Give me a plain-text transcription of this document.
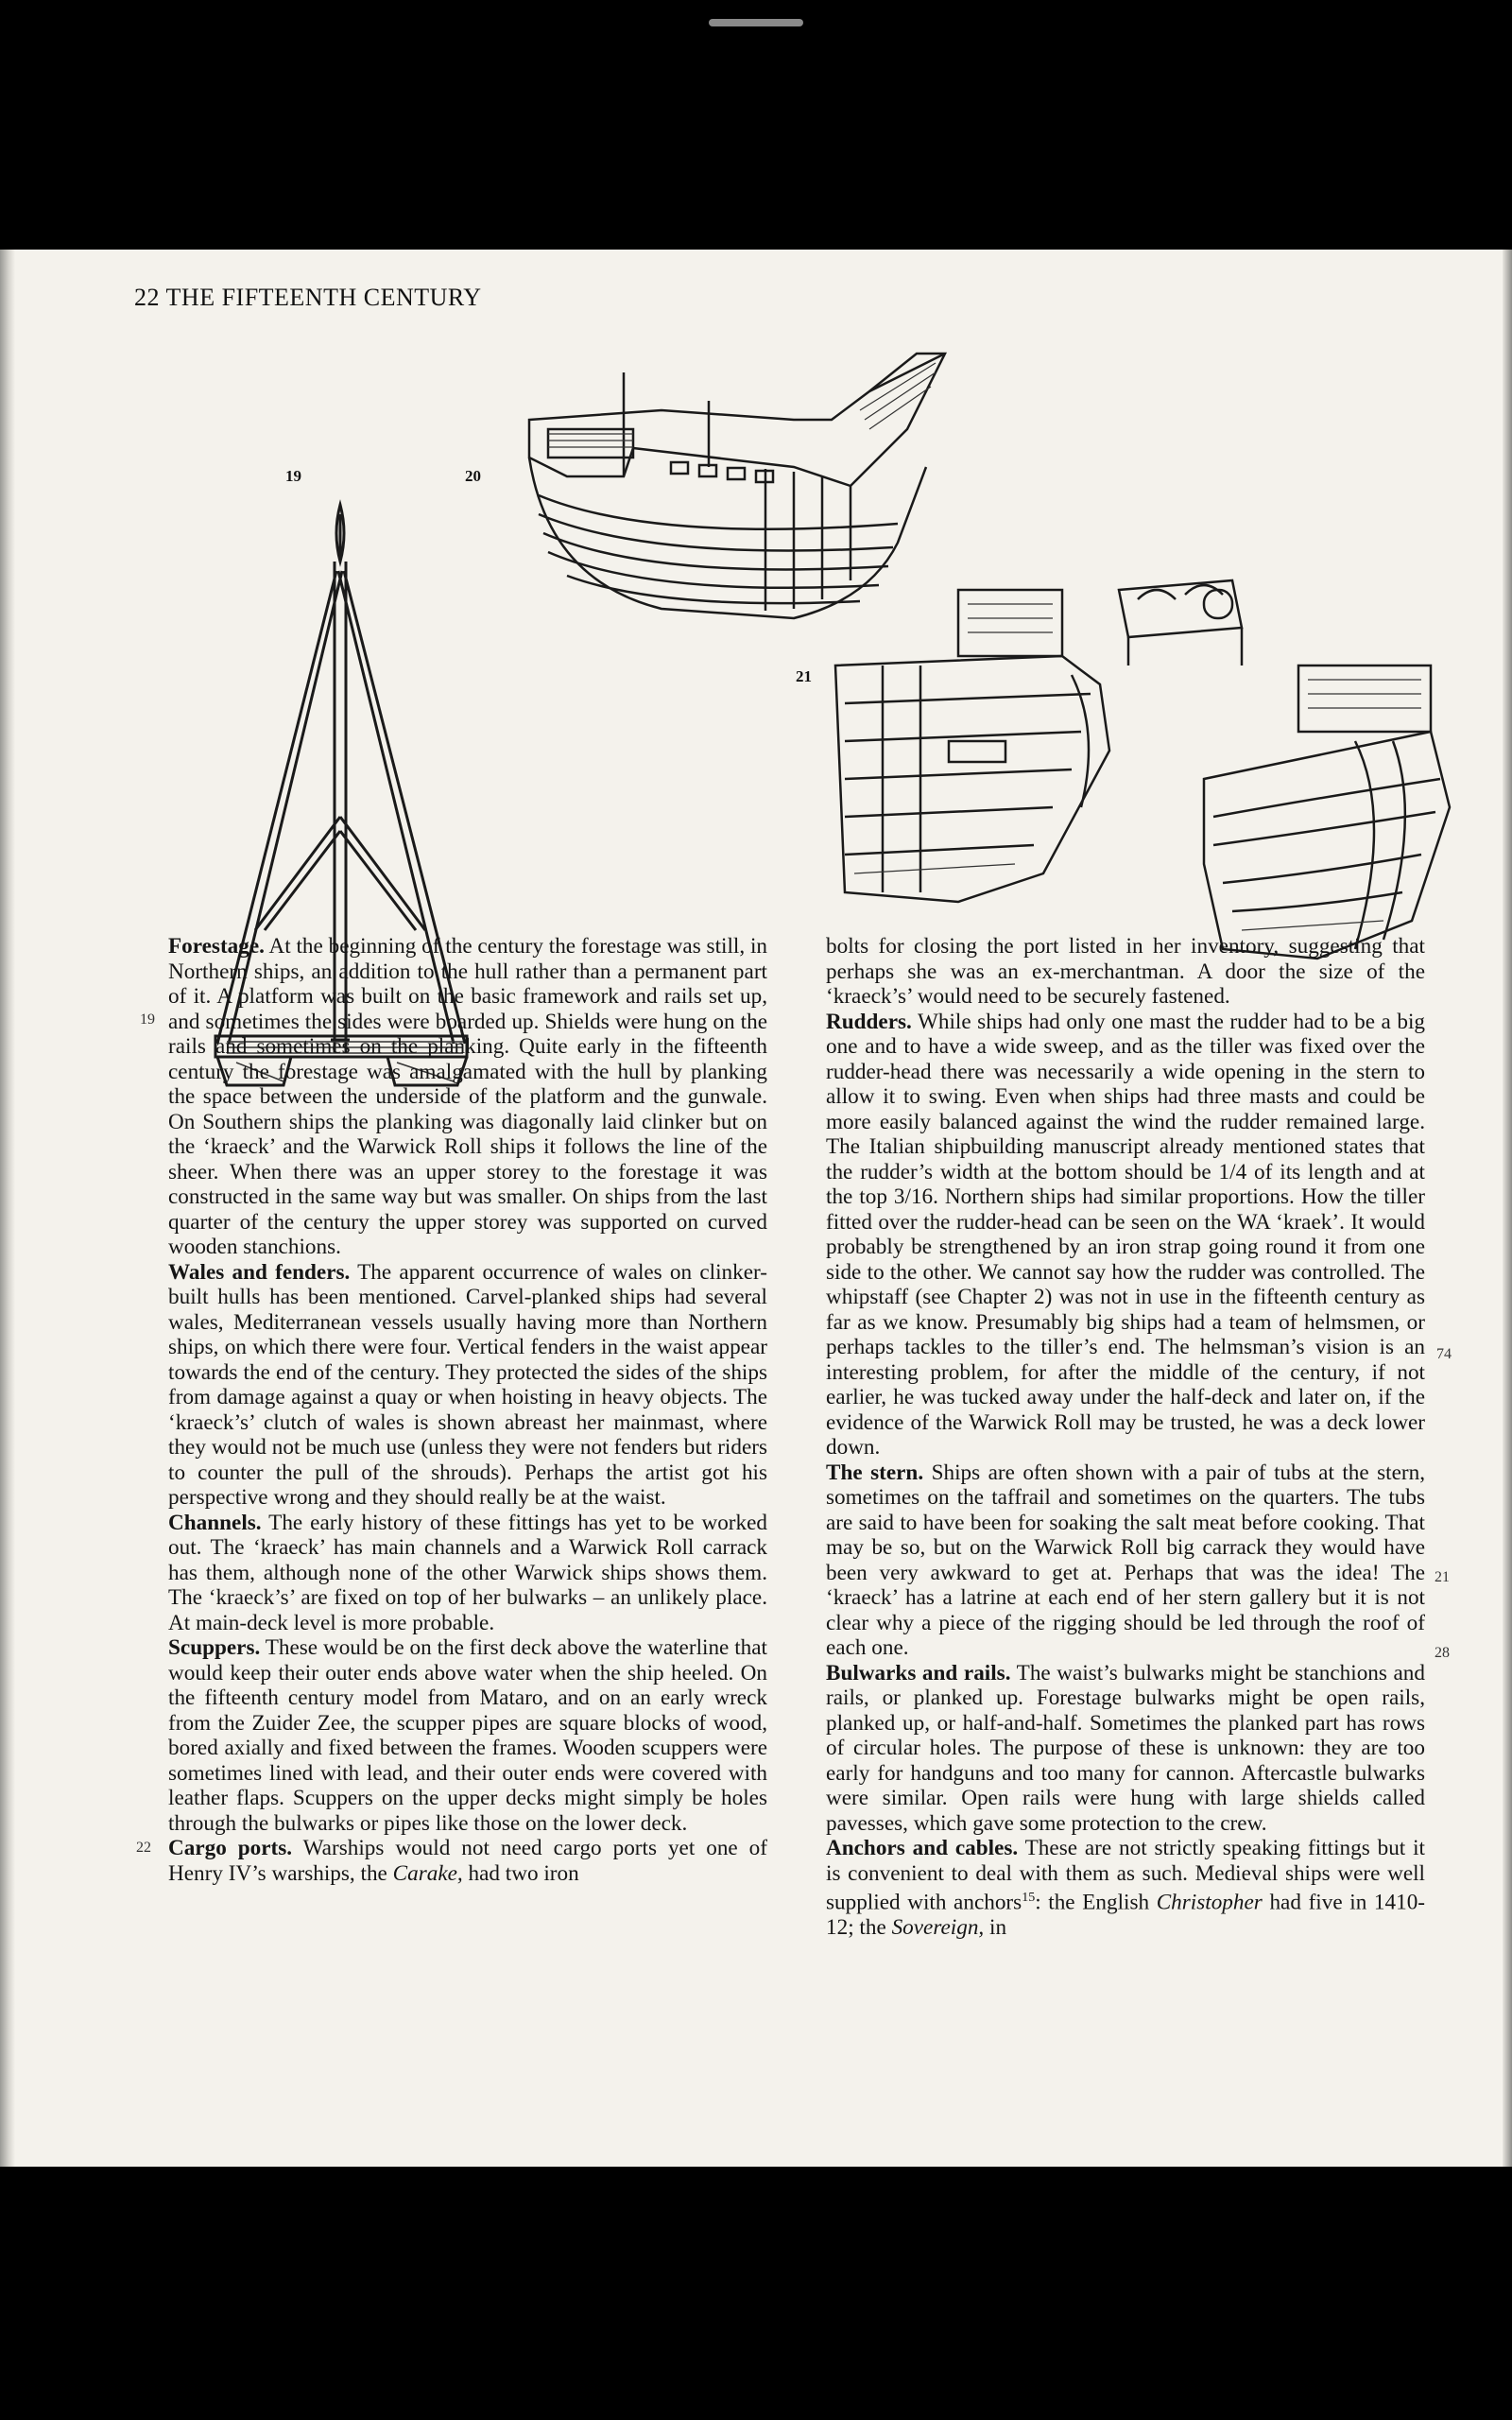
22 THE FIFTEENTH CENTURY
19	20
21
19
22
74
21
28

Forestage. At the beginning of the century the forestage was still, in Northern ships, an addition to the hull rather than a permanent part of it. A platform was built on the basic framework and rails set up, and sometimes the sides were boarded up. Shields were hung on the rails and sometimes on the planking. Quite early in the fifteenth century the forestage was amalgamated with the hull by planking the space between the underside of the platform and the gunwale. On Southern ships the planking was diagonally laid clinker but on the ‘kraeck’ and the Warwick Roll ships it follows the line of the sheer. When there was an upper storey to the forestage it was constructed in the same way but was smaller. On ships from the last quarter of the century the upper storey was supported on curved wooden stanchions.

Wales and fenders. The apparent occurrence of wales on clinker-built hulls has been mentioned. Carvel-planked ships had several wales, Mediterranean vessels usually having more than Northern ships, on which there were four. Vertical fenders in the waist appear towards the end of the century. They protected the sides of the ships from damage against a quay or when hoisting in heavy objects. The ‘kraeck’s’ clutch of wales is shown abreast her mainmast, where they would not be much use (unless they were not fenders but riders to counter the pull of the shrouds). Perhaps the artist got his perspective wrong and they should really be at the waist.

Channels. The early history of these fittings has yet to be worked out. The ‘kraeck’ has main channels and a Warwick Roll carrack has them, although none of the other Warwick ships shows them. The ‘kraeck’s’ are fixed on top of her bulwarks – an unlikely place. At main-deck level is more probable.

Scuppers. These would be on the first deck above the waterline that would keep their outer ends above water when the ship heeled. On the fifteenth century model from Mataro, and on an early wreck from the Zuider Zee, the scupper pipes are square blocks of wood, bored axially and fixed between the frames. Wooden scuppers were sometimes lined with lead, and their outer ends were covered with leather flaps. Scuppers on the upper decks might simply be holes through the bulwarks or pipes like those on the lower deck.

Cargo ports. Warships would not need cargo ports yet one of Henry IV’s warships, the Carake, had two iron

bolts for closing the port listed in her inventory, suggesting that perhaps she was an ex-merchantman. A door the size of the ‘kraeck’s’ would need to be securely fastened.

Rudders. While ships had only one mast the rudder had to be a big one and to have a wide sweep, and as the tiller was fixed over the rudder-head there was necessarily a wide opening in the stern to allow it to swing. Even when ships had three masts and could be more easily balanced against the wind the rudder remained large. The Italian shipbuilding manuscript already mentioned states that the rudder’s width at the bottom should be 1/4 of its length and at the top 3/16. Northern ships had similar proportions. How the tiller fitted over the rudder-head can be seen on the WA ‘kraek’. It would probably be strengthened by an iron strap going round it from one side to the other. We cannot say how the rudder was controlled. The whipstaff (see Chapter 2) was not in use in the fifteenth century as far as we know. Presumably big ships had a team of helmsmen, or perhaps tackles to the tiller’s end. The helmsman’s vision is an interesting problem, for after the middle of the century, if not earlier, he was tucked away under the half-deck and later on, if the evidence of the Warwick Roll may be trusted, he was a deck lower down.

The stern. Ships are often shown with a pair of tubs at the stern, sometimes on the taffrail and sometimes on the quarters. The tubs are said to have been for soaking the salt meat before cooking. That may be so, but on the Warwick Roll big carrack they would have been very awkward to get at. Perhaps that was the idea! The ‘kraeck’ has a latrine at each end of her stern gallery but it is not clear why a piece of the rigging should be led through the roof of each one.

Bulwarks and rails. The waist’s bulwarks might be stanchions and rails, or planked up. Forestage bulwarks might be open rails, planked up, or half-and-half. Sometimes the planked part has rows of circular holes. The purpose of these is unknown: they are too early for handguns and too many for cannon. Aftercastle bulwarks were similar. Open rails were hung with large shields called pavesses, which gave some protection to the crew.

Anchors and cables. These are not strictly speaking fittings but it is convenient to deal with them as such. Medieval ships were well supplied with anchors$^{15}$: the English Christopher had five in 1410-12; the Sovereign, in
